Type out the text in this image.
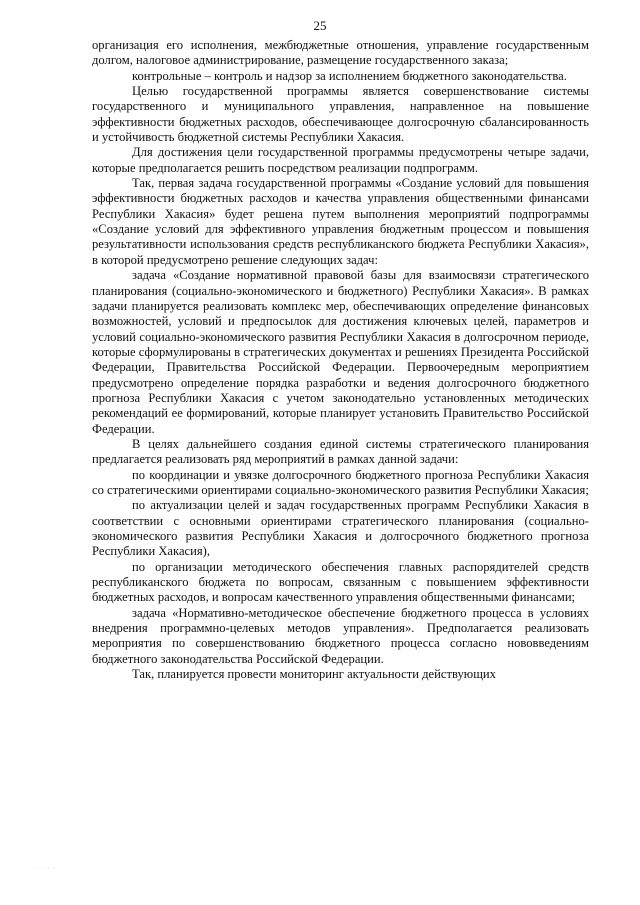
25

организация его исполнения, межбюджетные отношения, управление государственным долгом, налоговое администрирование, размещение государственного заказа;

контрольные – контроль и надзор за исполнением бюджетного законодательства.

Целью государственной программы является совершенствование системы государственного и муниципального управления, направленное на повышение эффективности бюджетных расходов, обеспечивающее долгосрочную сбалансированность и устойчивость бюджетной системы Республики Хакасия.

Для достижения цели государственной программы предусмотрены четыре задачи, которые предполагается решить посредством реализации подпрограмм.

Так, первая задача государственной программы «Создание условий для повышения эффективности бюджетных расходов и качества управления общественными финансами Республики Хакасия» будет решена путем выполнения мероприятий подпрограммы «Создание условий для эффективного управления бюджетным процессом и повышения результативности использования средств республиканского бюджета Республики Хакасия», в которой предусмотрено решение следующих задач:

задача «Создание нормативной правовой базы для взаимосвязи стратегического планирования (социально-экономического и бюджетного) Республики Хакасия». В рамках задачи планируется реализовать комплекс мер, обеспечивающих определение финансовых возможностей, условий и предпосылок для достижения ключевых целей, параметров и условий социально-экономического развития Республики Хакасия в долгосрочном периоде, которые сформулированы в стратегических документах и решениях Президента Российской Федерации, Правительства Российской Федерации. Первоочередным мероприятием предусмотрено определение порядка разработки и ведения долгосрочного бюджетного прогноза Республики Хакасия с учетом законодательно установленных методических рекомендаций ее формирований, которые планирует установить Правительство Российской Федерации.

В целях дальнейшего создания единой системы стратегического планирования предлагается реализовать ряд мероприятий в рамках данной задачи:

по координации и увязке долгосрочного бюджетного прогноза Республики Хакасия со стратегическими ориентирами социально-экономического развития Республики Хакасия;

по актуализации целей и задач государственных программ Республики Хакасия в соответствии с основными ориентирами стратегического планирования (социально-экономического развития Республики Хакасия и долгосрочного бюджетного прогноза Республики Хакасия),

по организации методического обеспечения главных распорядителей средств республиканского бюджета по вопросам, связанным с повышением эффективности бюджетных расходов, и вопросам качественного управления общественными финансами;

задача «Нормативно-методическое обеспечение бюджетного процесса в условиях внедрения программно-целевых методов управления». Предполагается реализовать мероприятия по совершенствованию бюджетного процесса согласно нововведениям бюджетного законодательства Российской Федерации.

Так, планируется провести мониторинг актуальности действующих

· · · ·
